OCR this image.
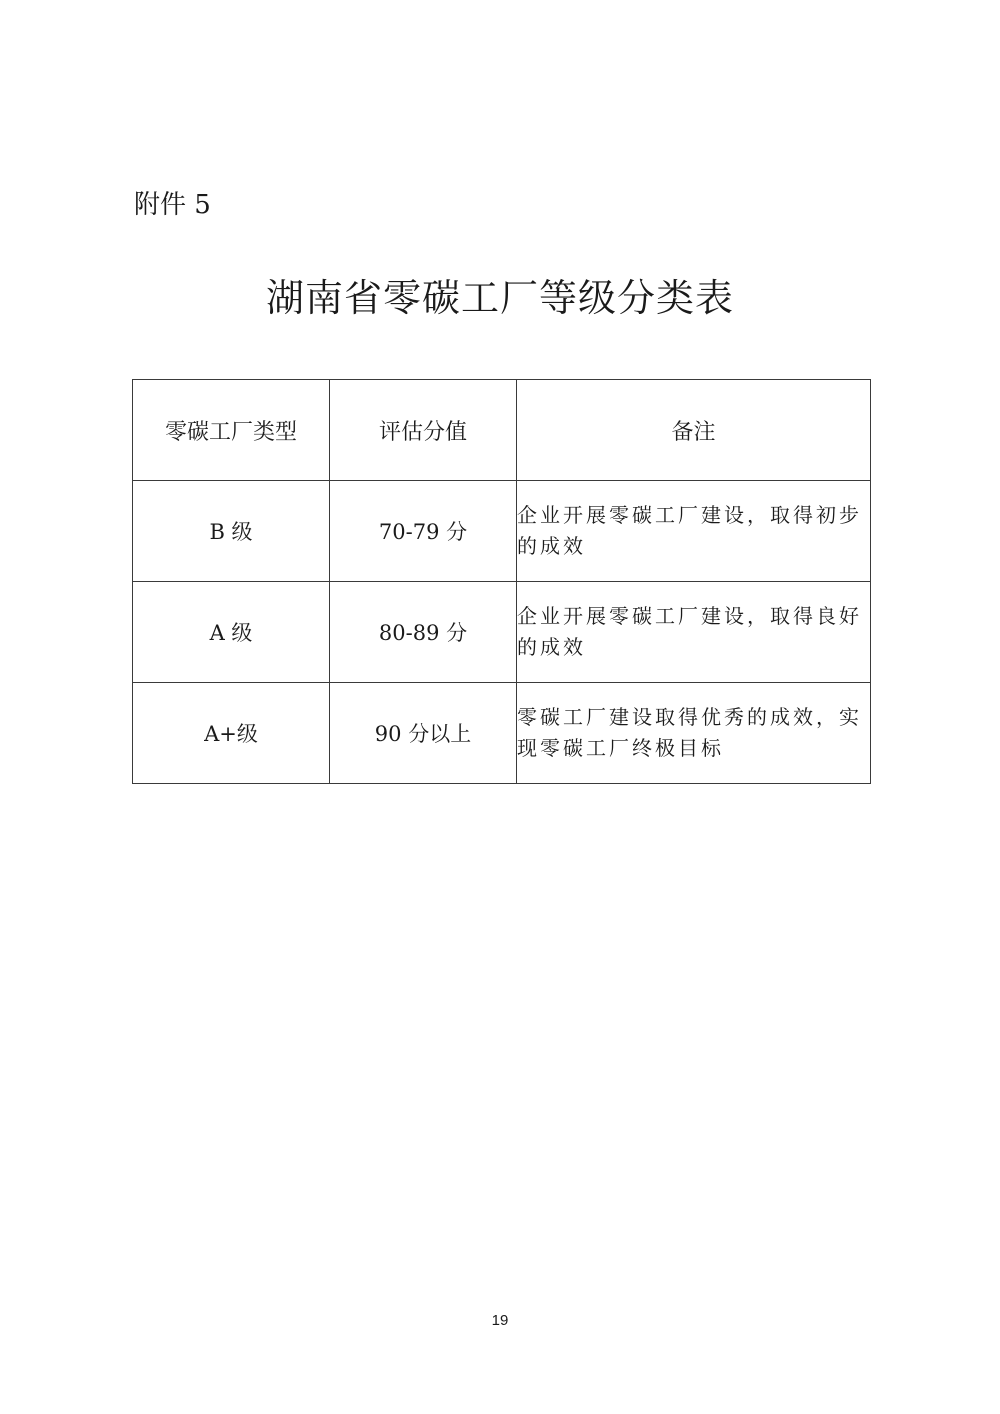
附件 5
湖南省零碳工厂等级分类表
零碳工厂类型	评估分值	备注
B 级	70-79 分	企业开展零碳工厂建设，取得初步的成效
A 级	80-89 分	企业开展零碳工厂建设，取得良好的成效
A+级	90 分以上	零碳工厂建设取得优秀的成效，实现零碳工厂终极目标
19
